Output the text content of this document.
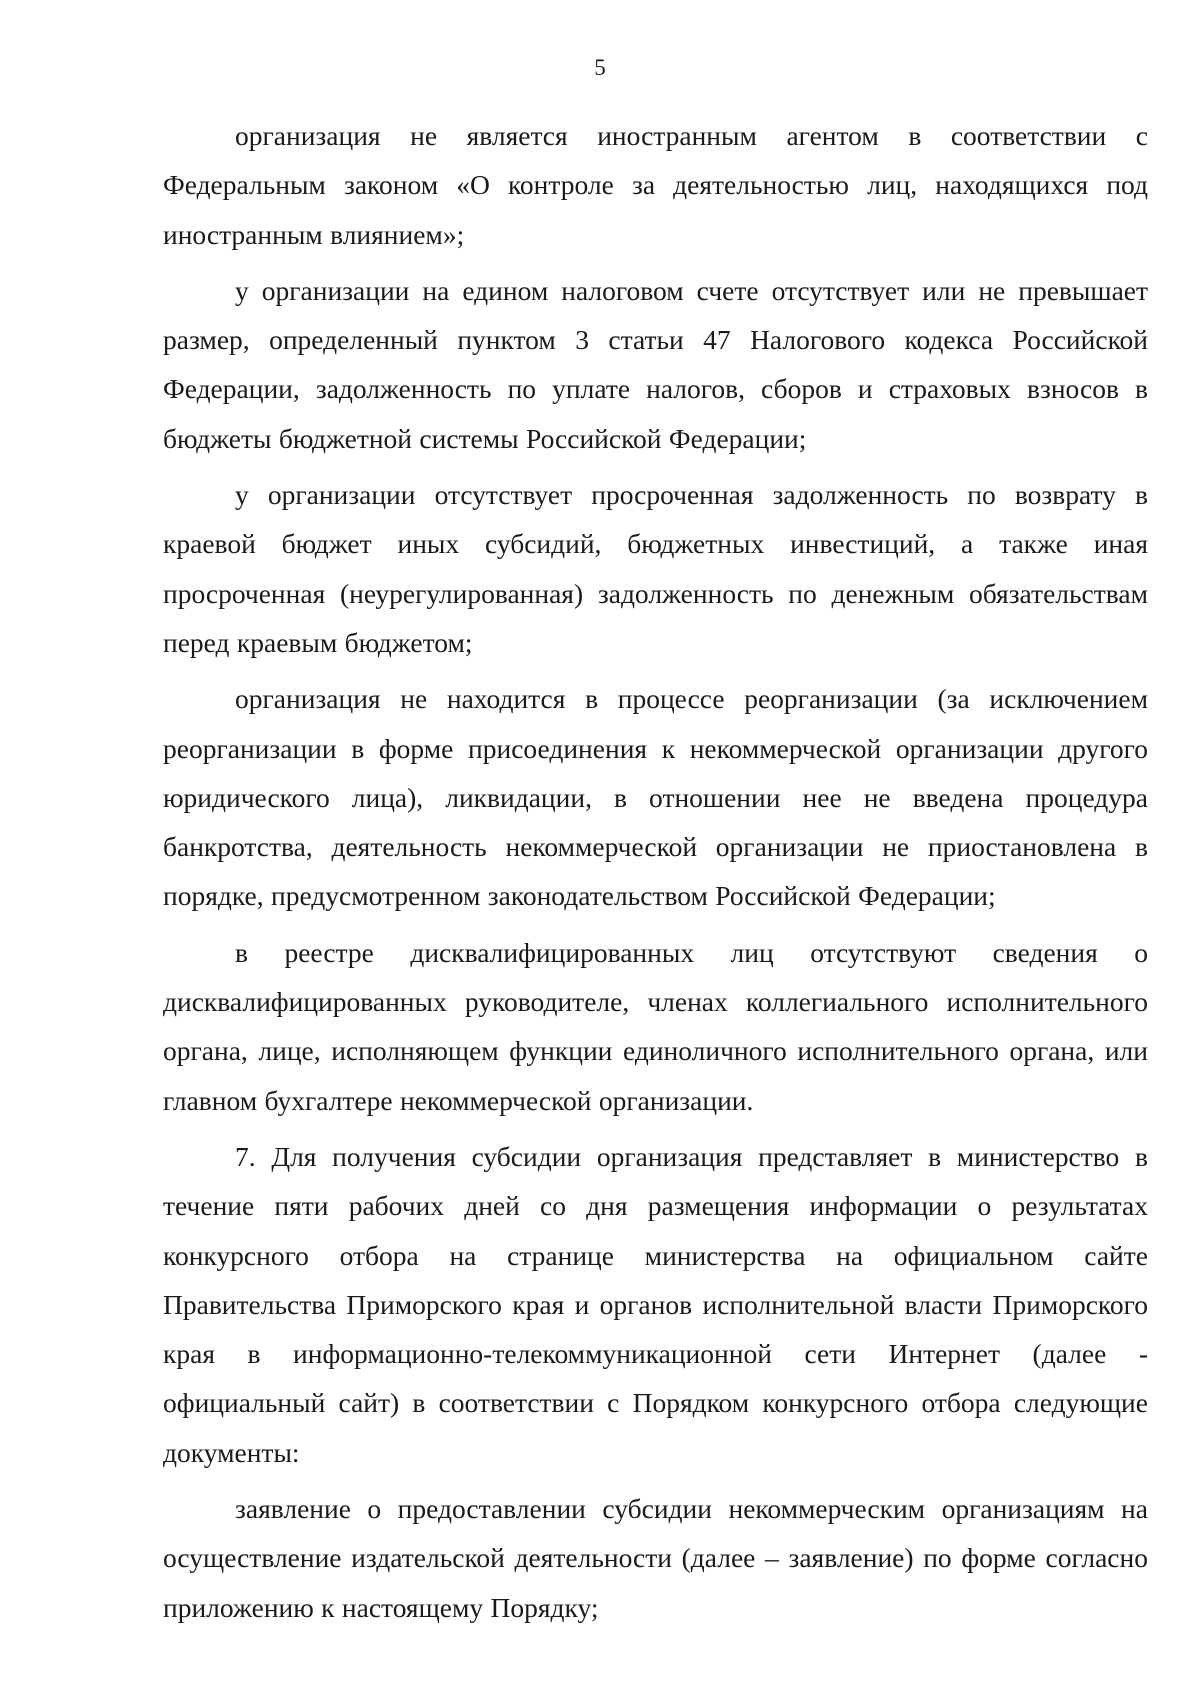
5

организация не является иностранным агентом в соответствии с Федеральным законом «О контроле за деятельностью лиц, находящихся под иностранным влиянием»;

у организации на едином налоговом счете отсутствует или не превышает размер, определенный пунктом 3 статьи 47 Налогового кодекса Российской Федерации, задолженность по уплате налогов, сборов и страховых взносов в бюджеты бюджетной системы Российской Федерации;

у организации отсутствует просроченная задолженность по возврату в краевой бюджет иных субсидий, бюджетных инвестиций, а также иная просроченная (неурегулированная) задолженность по денежным обязательствам перед краевым бюджетом;

организация не находится в процессе реорганизации (за исключением реорганизации в форме присоединения к некоммерческой организации другого юридического лица), ликвидации, в отношении нее не введена процедура банкротства, деятельность некоммерческой организации не приостановлена в порядке, предусмотренном законодательством Российской Федерации;

в реестре дисквалифицированных лиц отсутствуют сведения о дисквалифицированных руководителе, членах коллегиального исполнительного органа, лице, исполняющем функции единоличного исполнительного органа, или главном бухгалтере некоммерческой организации.

7. Для получения субсидии организация представляет в министерство в течение пяти рабочих дней со дня размещения информации о результатах конкурсного отбора на странице министерства на официальном сайте Правительства Приморского края и органов исполнительной власти Приморского края в информационно-телекоммуникационной сети Интернет (далее - официальный сайт) в соответствии с Порядком конкурсного отбора следующие документы:

заявление о предоставлении субсидии некоммерческим организациям на осуществление издательской деятельности (далее – заявление) по форме согласно приложению к настоящему Порядку;
